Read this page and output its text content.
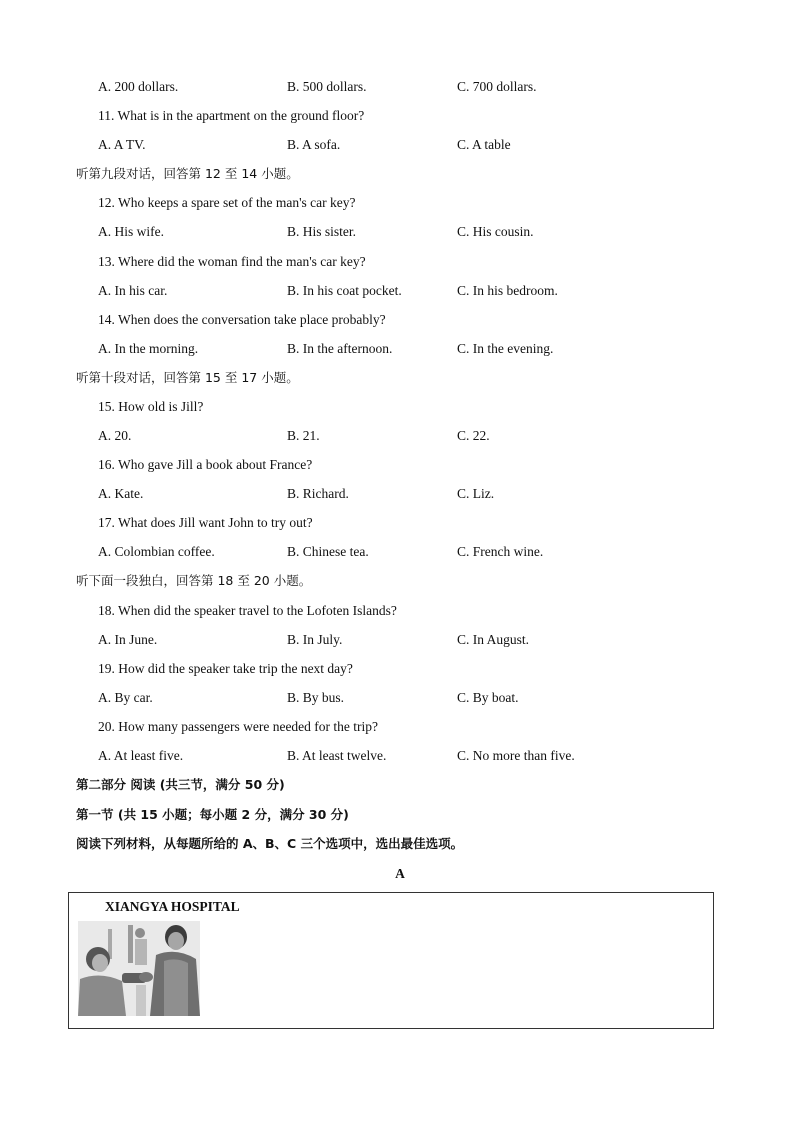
A. 200 dollars.	B. 500 dollars.	C. 700 dollars.
11. What is in the apartment on the ground floor?
A. A TV.	B. A sofa.	C. A table
听第九段对话，回答第 12 至 14 小题。
12. Who keeps a spare set of the man's car key?
A. His wife.	B. His sister.	C. His cousin.
13. Where did the woman find the man's car key?
A. In his car.	B. In his coat pocket.	C. In his bedroom.
14. When does the conversation take place probably?
A. In the morning.	B. In the afternoon.	C. In the evening.
听第十段对话，回答第 15 至 17 小题。
15. How old is Jill?
A. 20.	B. 21.	C. 22.
16. Who gave Jill a book about France?
A. Kate.	B. Richard.	C. Liz.
17. What does Jill want John to try out?
A. Colombian coffee.	B. Chinese tea.	C. French wine.
听下面一段独白，回答第 18 至 20 小题。
18. When did the speaker travel to the Lofoten Islands?
A. In June.	B. In July.	C. In August.
19. How did the speaker take trip the next day?
A. By car.	B. By bus.	C. By boat.
20. How many passengers were needed for the trip?
A. At least five.	B. At least twelve.	C. No more than five.
第二部分 阅读 (共三节，满分 50 分)
第一节 (共 15 小题；每小题 2 分，满分 30 分)
阅读下列材料，从每题所给的 A、B、C 三个选项中，选出最佳选项。
A
XIANGYA HOSPITAL
